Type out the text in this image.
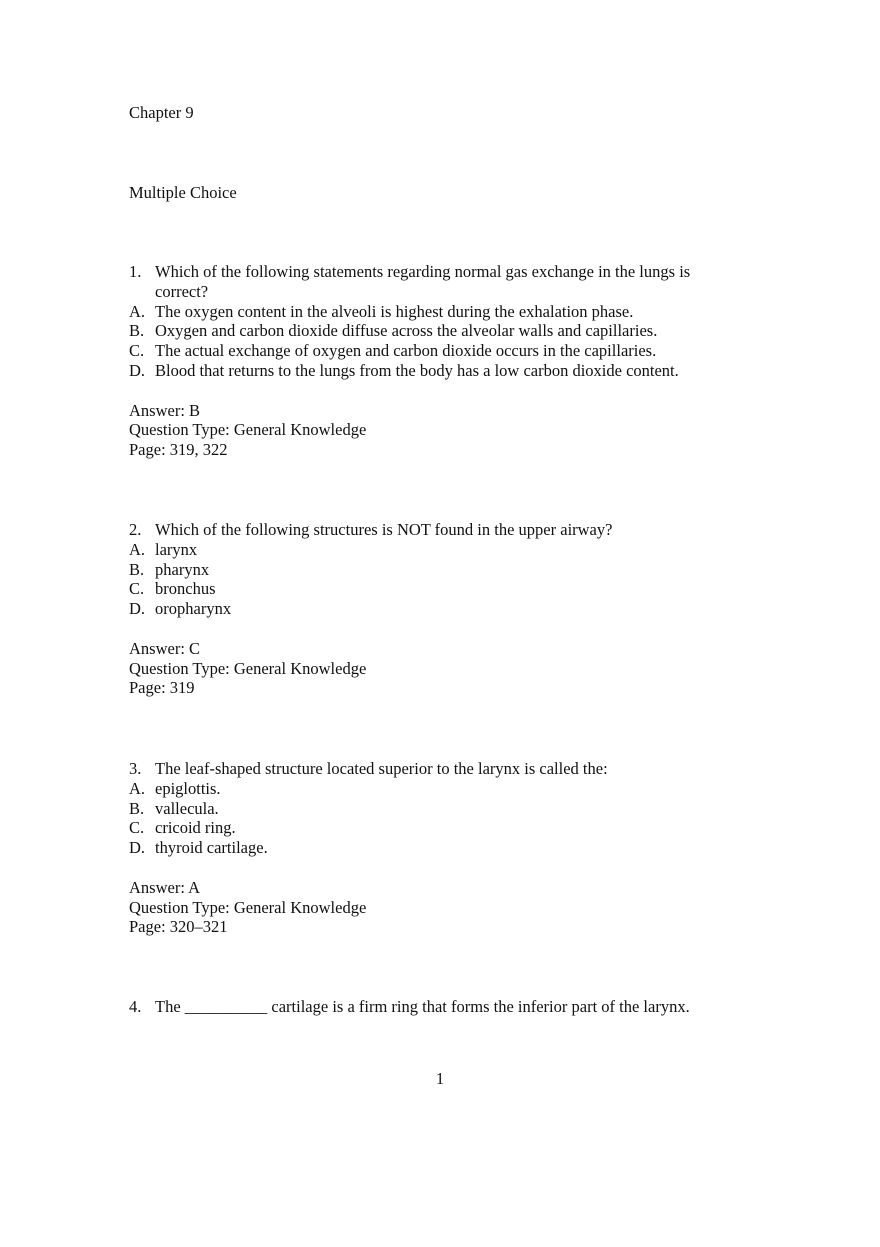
Chapter 9
Multiple Choice
1. Which of the following statements regarding normal gas exchange in the lungs is correct?
A. The oxygen content in the alveoli is highest during the exhalation phase.
B. Oxygen and carbon dioxide diffuse across the alveolar walls and capillaries.
C. The actual exchange of oxygen and carbon dioxide occurs in the capillaries.
D. Blood that returns to the lungs from the body has a low carbon dioxide content.
Answer: B
Question Type: General Knowledge
Page: 319, 322
2. Which of the following structures is NOT found in the upper airway?
A. larynx
B. pharynx
C. bronchus
D. oropharynx
Answer: C
Question Type: General Knowledge
Page: 319
3. The leaf-shaped structure located superior to the larynx is called the:
A. epiglottis.
B. vallecula.
C. cricoid ring.
D. thyroid cartilage.
Answer: A
Question Type: General Knowledge
Page: 320–321
4. The __________ cartilage is a firm ring that forms the inferior part of the larynx.
1
